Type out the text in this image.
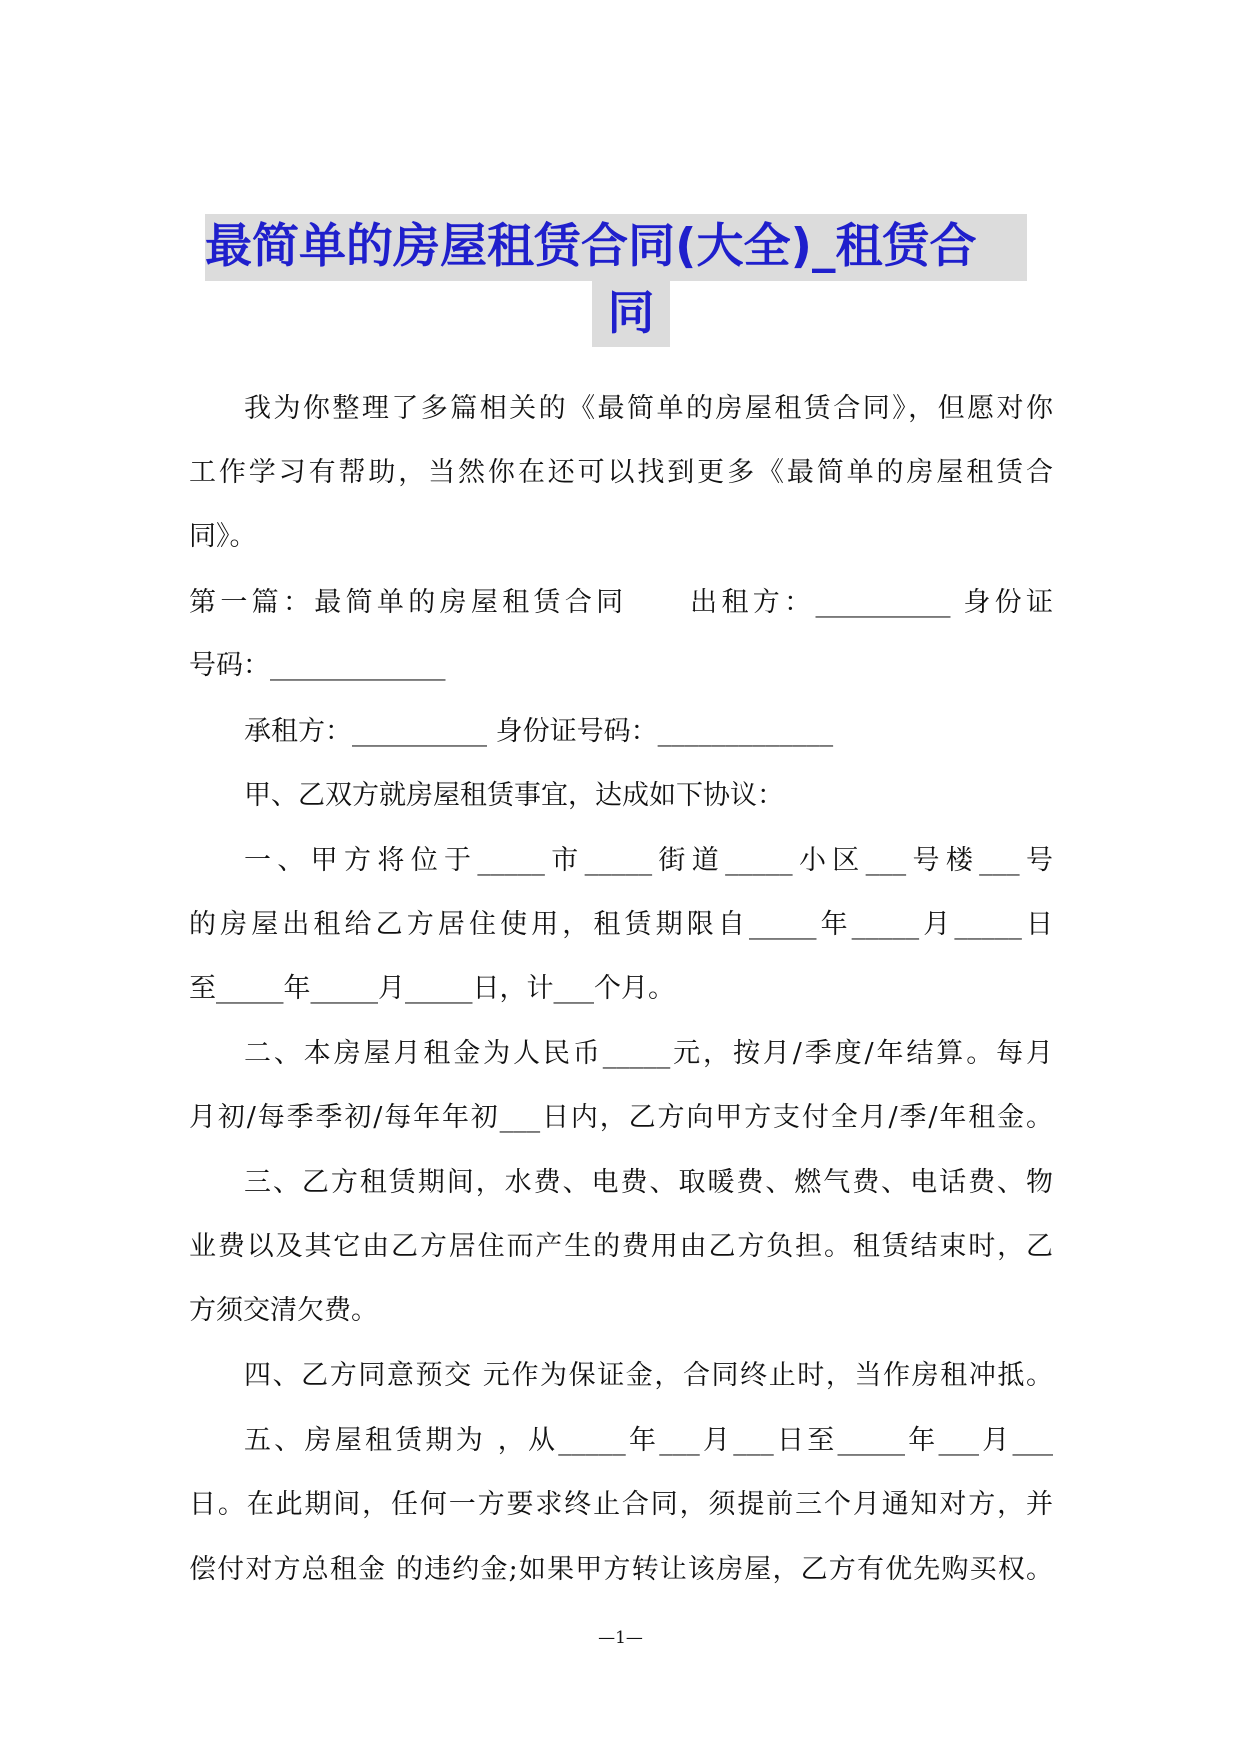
最简单的房屋租赁合同(大全)_租赁合
同
我为你整理了多篇相关的《最简单的房屋租赁合同》，但愿对你
工作学习有帮助，当然你在还可以找到更多《最简单的房屋租赁合
同》。
第一篇：最简单的房屋租赁合同　　出租方：__________ 身份证
号码：_____________
承租方：__________ 身份证号码：_____________
甲、乙双方就房屋租赁事宜，达成如下协议：
一、甲方将位于_____市_____街道_____小区___号楼___号
的房屋出租给乙方居住使用，租赁期限自_____年_____月_____日
至_____年_____月_____日，计___个月。
二、本房屋月租金为人民币_____元，按月/季度/年结算。每月
月初/每季季初/每年年初___日内，乙方向甲方支付全月/季/年租金。
三、乙方租赁期间，水费、电费、取暖费、燃气费、电话费、物
业费以及其它由乙方居住而产生的费用由乙方负担。租赁结束时，乙
方须交清欠费。
四、乙方同意预交 元作为保证金，合同终止时，当作房租冲抵。
五、房屋租赁期为 ，从_____年___月___日至_____年___月___
日。在此期间，任何一方要求终止合同，须提前三个月通知对方，并
偿付对方总租金 的违约金;如果甲方转让该房屋，乙方有优先购买权。
—1—
